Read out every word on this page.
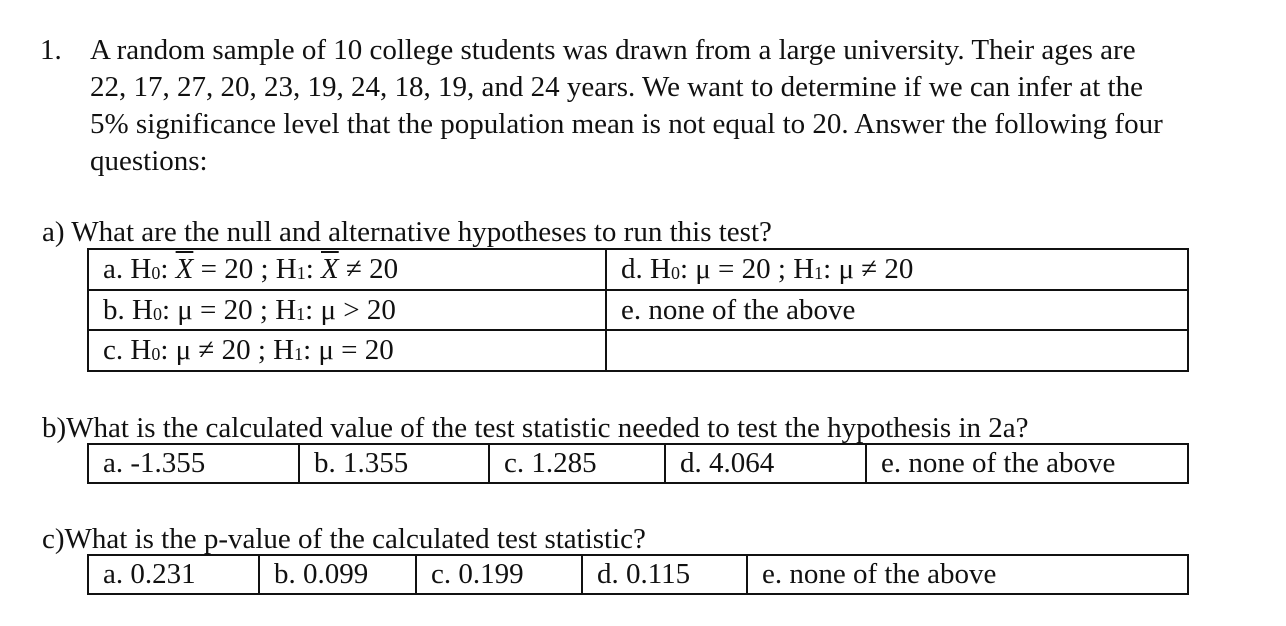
1. A random sample of 10 college students was drawn from a large university. Their ages are
22, 17, 27, 20, 23, 19, 24, 18, 19, and 24 years. We want to determine if we can infer at the
5% significance level that the population mean is not equal to 20. Answer the following four
questions:
a) What are the null and alternative hypotheses to run this test?
a. H0: $\overline{X} = 20$ ; H1: $\overline{X} \ne 20$	d. H0: μ = 20 ; H1: μ ≠ 20
b. H0: μ = 20 ; H1: μ > 20	e. none of the above
c. H0: μ ≠ 20 ; H1: μ = 20	
b)What is the calculated value of the test statistic needed to test the hypothesis in 2a?
a. -1.355	b. 1.355	c. 1.285	d. 4.064	e. none of the above
c)What is the p-value of the calculated test statistic?
a. 0.231	b. 0.099	c. 0.199	d. 0.115	e. none of the above
